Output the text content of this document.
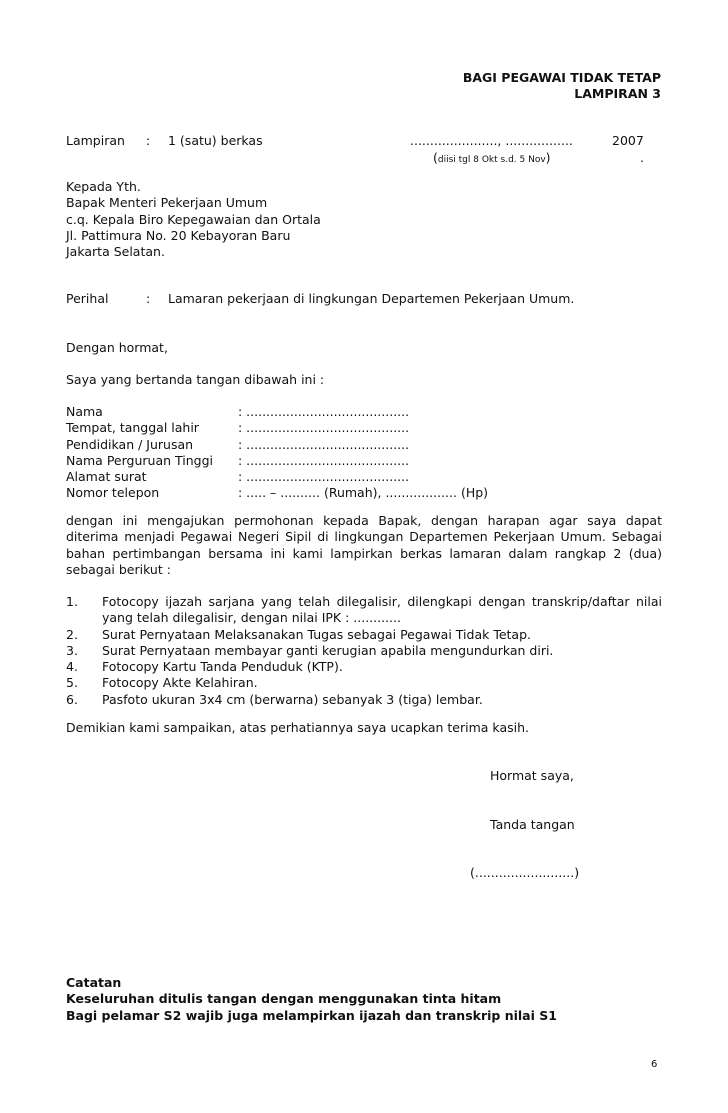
BAGI PEGAWAI TIDAK TETAP
LAMPIRAN 3
Lampiran : 1 (satu) berkas	......................, .................	2007
(diisi tgl 8 Okt s.d. 5 Nov)	.
Kepada Yth.
Bapak Menteri Pekerjaan Umum
c.q. Kepala Biro Kepegawaian dan Ortala
Jl. Pattimura No. 20 Kebayoran Baru
Jakarta Selatan.
Perihal	: Lamaran pekerjaan di lingkungan Departemen Pekerjaan Umum.
Dengan hormat,
Saya yang bertanda tangan dibawah ini :
Nama	: .........................................
Tempat, tanggal lahir	: .........................................
Pendidikan / Jurusan	: .........................................
Nama Perguruan Tinggi	: .........................................
Alamat surat	: .........................................
Nomor telepon	: ..... – .......... (Rumah), .................. (Hp)
dengan ini mengajukan permohonan kepada Bapak, dengan harapan agar saya dapat diterima menjadi Pegawai Negeri Sipil di lingkungan Departemen Pekerjaan Umum. Sebagai bahan pertimbangan bersama ini kami lampirkan berkas lamaran dalam rangkap 2 (dua) sebagai berikut :
1.	Fotocopy ijazah sarjana yang telah dilegalisir, dilengkapi dengan transkrip/daftar nilai yang telah dilegalisir, dengan nilai IPK : ............
2.	Surat Pernyataan Melaksanakan Tugas sebagai Pegawai Tidak Tetap.
3.	Surat Pernyataan membayar ganti kerugian apabila mengundurkan diri.
4.	Fotocopy Kartu Tanda Penduduk (KTP).
5.	Fotocopy Akte Kelahiran.
6.	Pasfoto ukuran 3x4 cm (berwarna) sebanyak 3 (tiga) lembar.
Demikian kami sampaikan, atas perhatiannya saya ucapkan terima kasih.
Hormat saya,
Tanda tangan
(.........................)
Catatan
Keseluruhan ditulis tangan dengan menggunakan tinta hitam
Bagi pelamar S2 wajib juga melampirkan ijazah dan transkrip nilai S1
6
